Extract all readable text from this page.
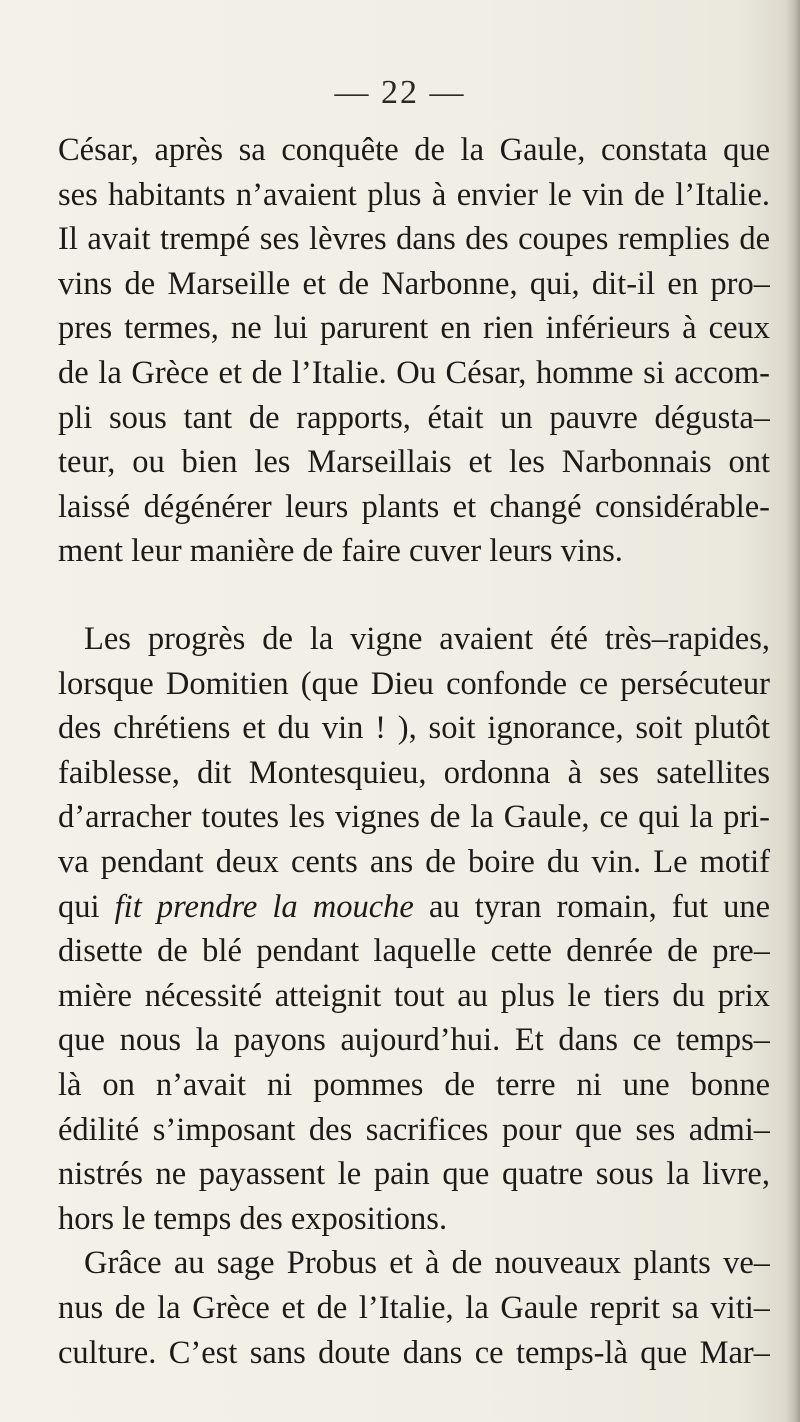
— 22 —
César, après sa conquête de la Gaule, constata que
ses habitants n’avaient plus à envier le vin de l’Italie.
Il avait trempé ses lèvres dans des coupes remplies de
vins de Marseille et de Narbonne, qui, dit-il en pro–
pres termes, ne lui parurent en rien inférieurs à ceux
de la Grèce et de l’Italie. Ou César, homme si accom-
pli sous tant de rapports, était un pauvre dégusta–
teur, ou bien les Marseillais et les Narbonnais ont
laissé dégénérer leurs plants et changé considérable-
ment leur manière de faire cuver leurs vins.
Les progrès de la vigne avaient été très–rapides,
lorsque Domitien (que Dieu confonde ce persécuteur
des chrétiens et du vin ! ), soit ignorance, soit plutôt
faiblesse, dit Montesquieu, ordonna à ses satellites
d’arracher toutes les vignes de la Gaule, ce qui la pri-
va pendant deux cents ans de boire du vin. Le motif
qui fit prendre la mouche au tyran romain, fut une
disette de blé pendant laquelle cette denrée de pre–
mière nécessité atteignit tout au plus le tiers du prix
que nous la payons aujourd’hui. Et dans ce temps–
là on n’avait ni pommes de terre ni une bonne
édilité s’imposant des sacrifices pour que ses admi–
nistrés ne payassent le pain que quatre sous la livre,
hors le temps des expositions.
Grâce au sage Probus et à de nouveaux plants ve–
nus de la Grèce et de l’Italie, la Gaule reprit sa viti–
culture. C’est sans doute dans ce temps-là que Mar–
